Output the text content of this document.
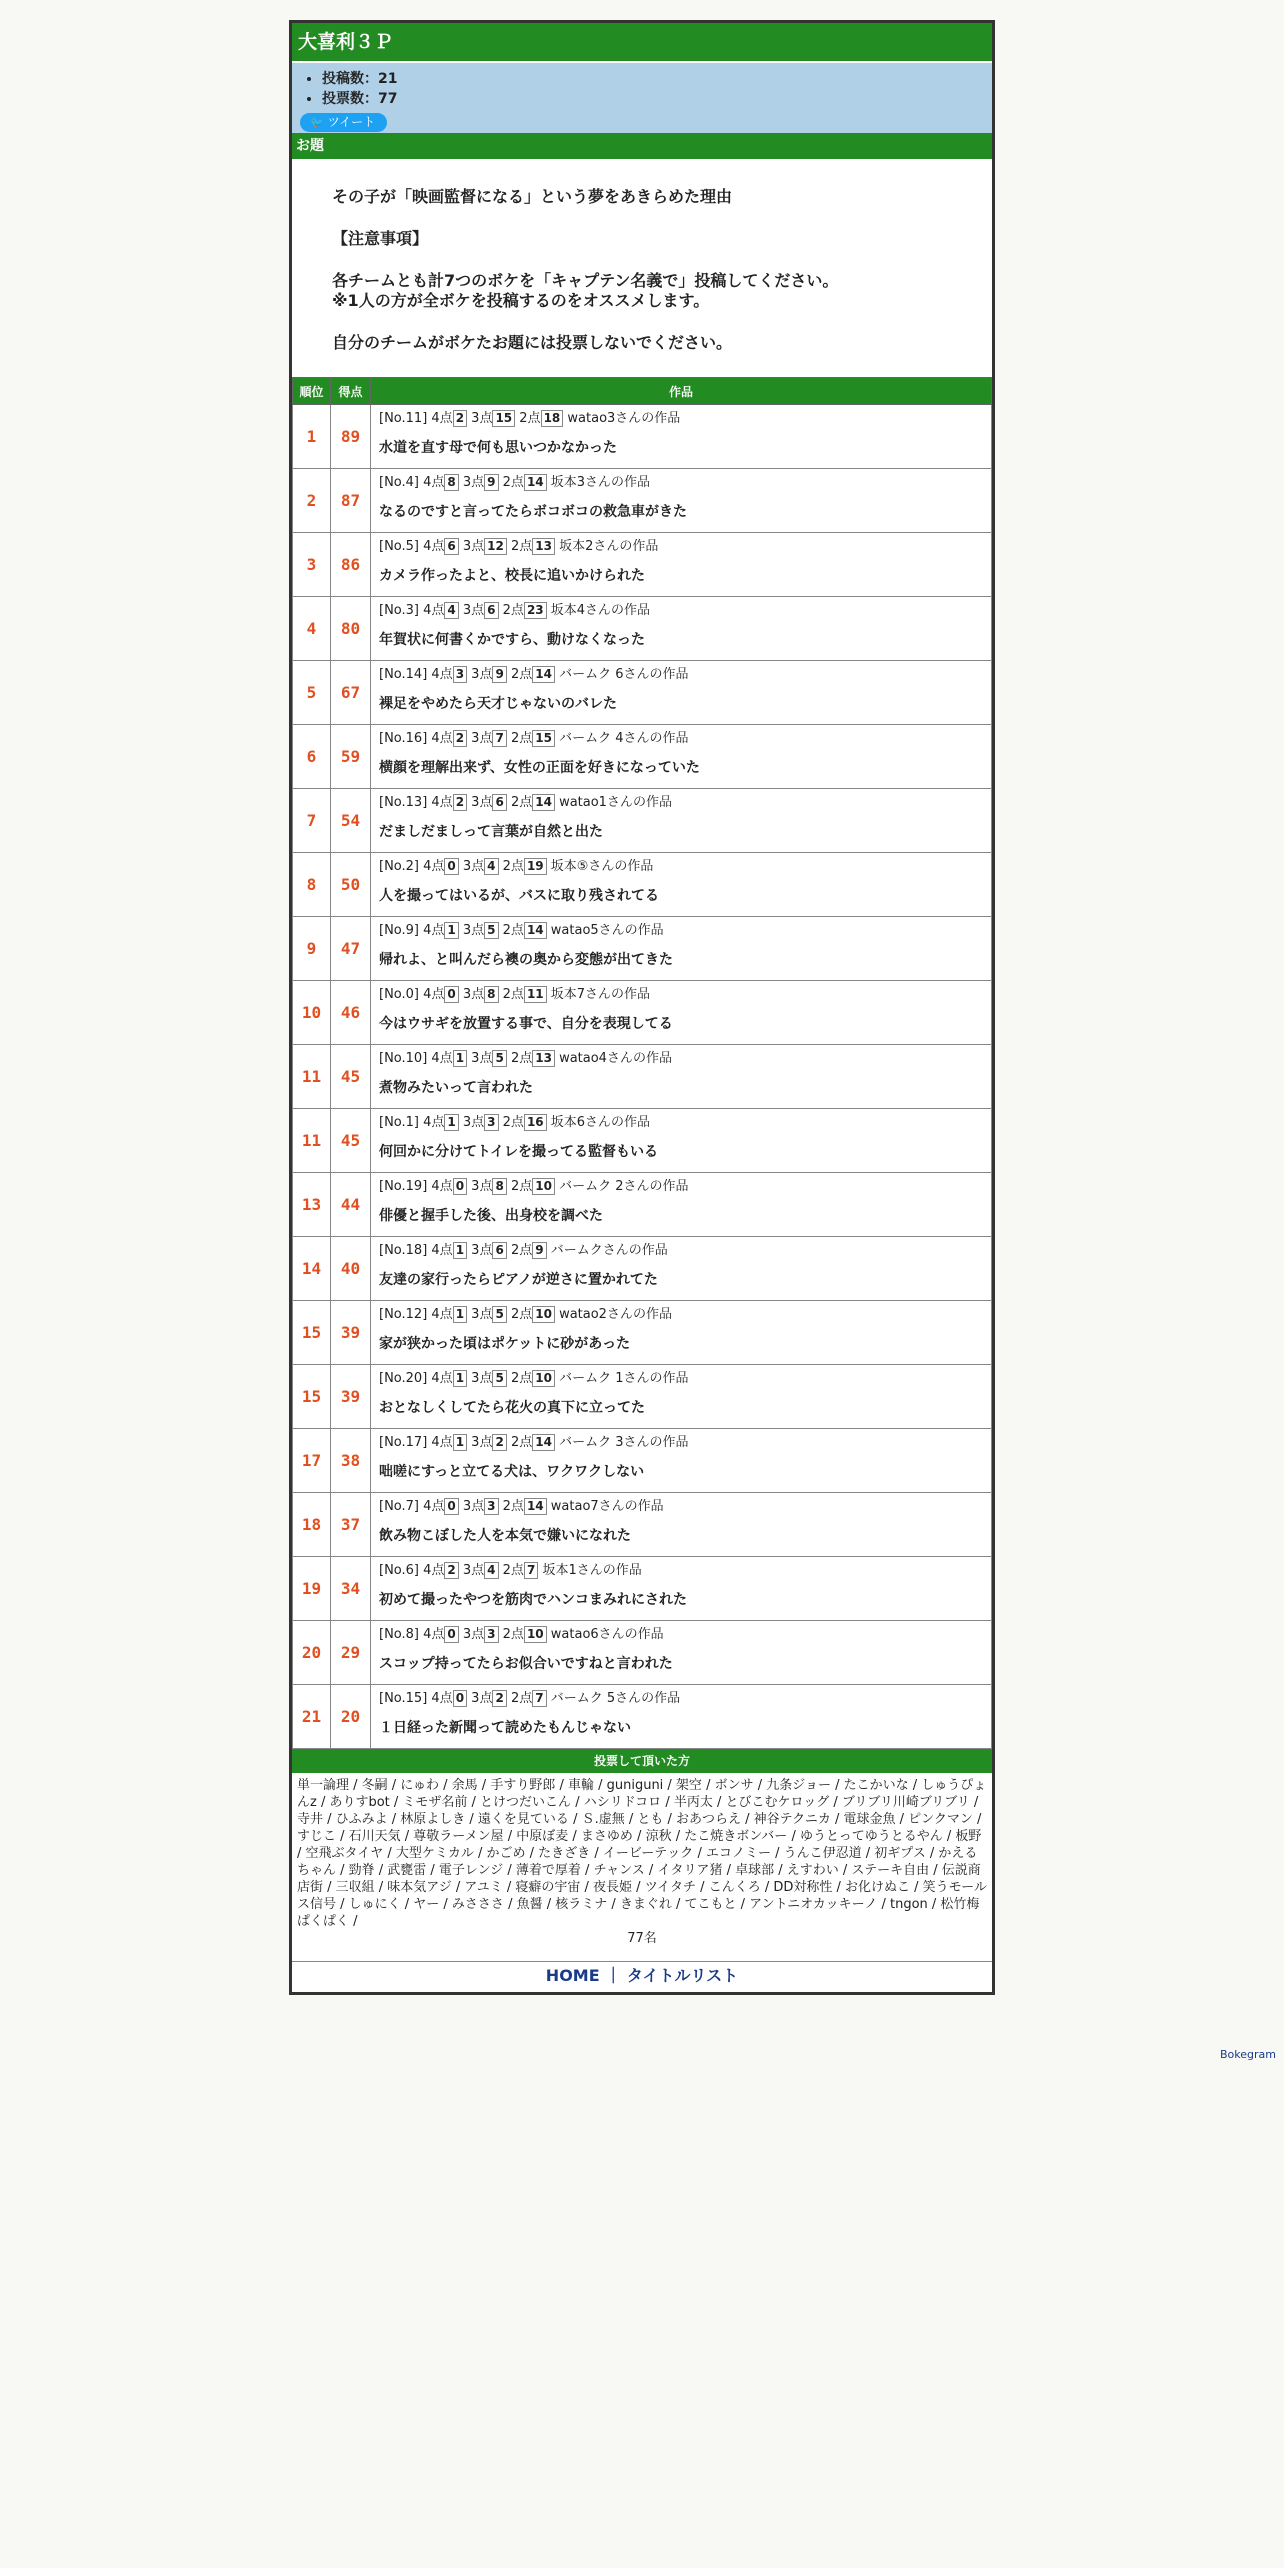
大喜利３Ｐ
• 投稿数：21
• 投票数：77
🐦 ツイート
お題

その子が「映画監督になる」という夢をあきらめた理由

【注意事項】

各チームとも計7つのボケを「キャプテン名義で」投稿してください。
※1人の方が全ボケを投稿するのをオススメします。

自分のチームがボケたお題には投票しないでください。

順位	得点	作品
1	89	[No.11] 4点 2 3点 15 2点 18 watao3さんの作品
水道を直す母で何も思いつかなかった

2	87	[No.4] 4点 8 3点 9 2点 14 坂本3さんの作品
なるのですと言ってたらボコボコの救急車がきた

3	86	[No.5] 4点 6 3点 12 2点 13 坂本2さんの作品
カメラ作ったよと、校長に追いかけられた

4	80	[No.3] 4点 4 3点 6 2点 23 坂本4さんの作品
年賀状に何書くかですら、動けなくなった

5	67	[No.14] 4点 3 3点 9 2点 14 バームク 6さんの作品
裸足をやめたら天才じゃないのバレた

6	59	[No.16] 4点 2 3点 7 2点 15 バームク 4さんの作品
横顔を理解出来ず、女性の正面を好きになっていた

7	54	[No.13] 4点 2 3点 6 2点 14 watao1さんの作品
だましだましって言葉が自然と出た

8	50	[No.2] 4点 0 3点 4 2点 19 坂本⑤さんの作品
人を撮ってはいるが、バスに取り残されてる

9	47	[No.9] 4点 1 3点 5 2点 14 watao5さんの作品
帰れよ、と叫んだら襖の奥から変態が出てきた

10	46	[No.0] 4点 0 3点 8 2点 11 坂本7さんの作品
今はウサギを放置する事で、自分を表現してる

11	45	[No.10] 4点 1 3点 5 2点 13 watao4さんの作品
煮物みたいって言われた

11	45	[No.1] 4点 1 3点 3 2点 16 坂本6さんの作品
何回かに分けてトイレを撮ってる監督もいる

13	44	[No.19] 4点 0 3点 8 2点 10 バームク 2さんの作品
俳優と握手した後、出身校を調べた

14	40	[No.18] 4点 1 3点 6 2点 9 バームクさんの作品
友達の家行ったらピアノが逆さに置かれてた

15	39	[No.12] 4点 1 3点 5 2点 10 watao2さんの作品
家が狭かった頃はポケットに砂があった

15	39	[No.20] 4点 1 3点 5 2点 10 バームク 1さんの作品
おとなしくしてたら花火の真下に立ってた

17	38	[No.17] 4点 1 3点 2 2点 14 バームク 3さんの作品
咄嗟にすっと立てる犬は、ワクワクしない

18	37	[No.7] 4点 0 3点 3 2点 14 watao7さんの作品
飲み物こぼした人を本気で嫌いになれた

19	34	[No.6] 4点 2 3点 4 2点 7 坂本1さんの作品
初めて撮ったやつを筋肉でハンコまみれにされた

20	29	[No.8] 4点 0 3点 3 2点 10 watao6さんの作品
スコップ持ってたらお似合いですねと言われた

21	20	[No.15] 4点 0 3点 2 2点 7 バームク 5さんの作品
１日経った新聞って読めたもんじゃない
投票して頂いた方
単一論理 / 冬嗣 / にゅわ / 余馬 / 手すり野郎 / 車輪 / guniguni / 架空 / ボンサ / 九条ジョー / たこかいな / しゅうぴょんz / ありすbot / ミモザ名前 / とけつだいこん / ハシリドコロ / 半丙太 / とびこむケロッグ / ブリブリ川崎ブリブリ / 寺井 / ひふみよ / 林原よしき / 遠くを見ている / Ｓ.虚無 / とも / おあつらえ / 神谷テクニカ / 電球金魚 / ピンクマン / すじこ / 石川天気 / 尊敬ラーメン屋 / 中原ぼ麦 / まさゆめ / 涼秋 / たこ焼きボンバー / ゆうとってゆうとるやん / 板野 / 空飛ぶタイヤ / 大型ケミカル / かごめ / たきざき / イービーテック / エコノミー / うんこ伊忍道 / 初ギプス / かえるちゃん / 勁脊 / 武甕雷 / 電子レンジ / 薄着で厚着 / チャンス / イタリア猪 / 卓球部 / えすわい / ステーキ自由 / 伝説商店街 / 三収組 / 味本気アジ / アユミ / 寝癖の宇宙 / 夜長姫 / ツイタチ / こんくろ / DD対称性 / お化けぬこ / 笑うモールス信号 / しゅにく / ヤー / みさささ / 魚醤 / 核ラミナ / きまぐれ / てこもと / アントニオカッキーノ / tngon / 松竹梅ぱくぱく /
77名
HOME ｜ タイトルリスト
Bokegram
